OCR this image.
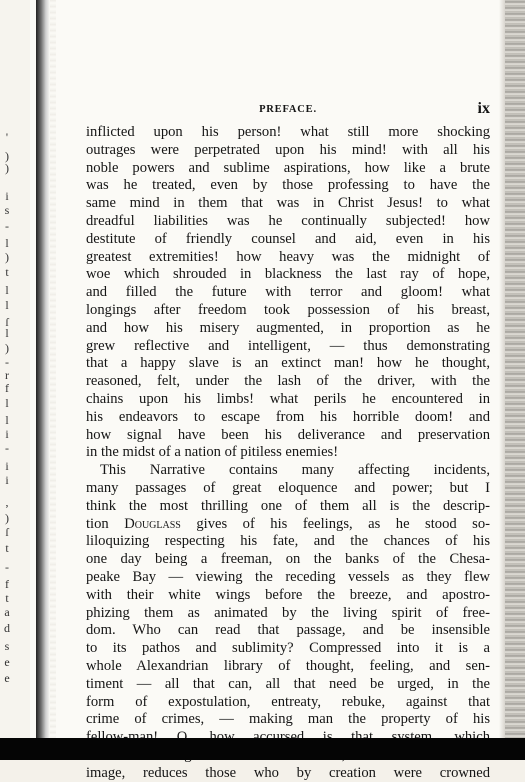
'
)
)
i
s
-
l
)
t
l
l
ſ
l
)
-
r
f
l
l
i
-
i
i
,
)
ſ
t
-
f
t
a
d
s
e
e
PREFACE.	ix
inflicted upon his person! what still more shocking
outrages were perpetrated upon his mind! with all his
noble powers and sublime aspirations, how like a brute
was he treated, even by those professing to have the
same mind in them that was in Christ Jesus! to what
dreadful liabilities was he continually subjected! how
destitute of friendly counsel and aid, even in his
greatest extremities! how heavy was the midnight of
woe which shrouded in blackness the last ray of hope,
and filled the future with terror and gloom! what
longings after freedom took possession of his breast,
and how his misery augmented, in proportion as he
grew reflective and intelligent, — thus demonstrating
that a happy slave is an extinct man! how he thought,
reasoned, felt, under the lash of the driver, with the
chains upon his limbs! what perils he encountered in
his endeavors to escape from his horrible doom! and
how signal have been his deliverance and preservation
in the midst of a nation of pitiless enemies!
This Narrative contains many affecting incidents,
many passages of great eloquence and power; but I
think the most thrilling one of them all is the descrip-
tion Douglass gives of his feelings, as he stood so-
liloquizing respecting his fate, and the chances of his
one day being a freeman, on the banks of the Chesa-
peake Bay — viewing the receding vessels as they flew
with their white wings before the breeze, and apostro-
phizing them as animated by the living spirit of free-
dom. Who can read that passage, and be insensible
to its pathos and sublimity? Compressed into it is a
whole Alexandrian library of thought, feeling, and sen-
timent — all that can, all that need be urged, in the
form of expostulation, entreaty, rebuke, against that
crime of crimes, — making man the property of his
image, reduces those who by creation were crowned
